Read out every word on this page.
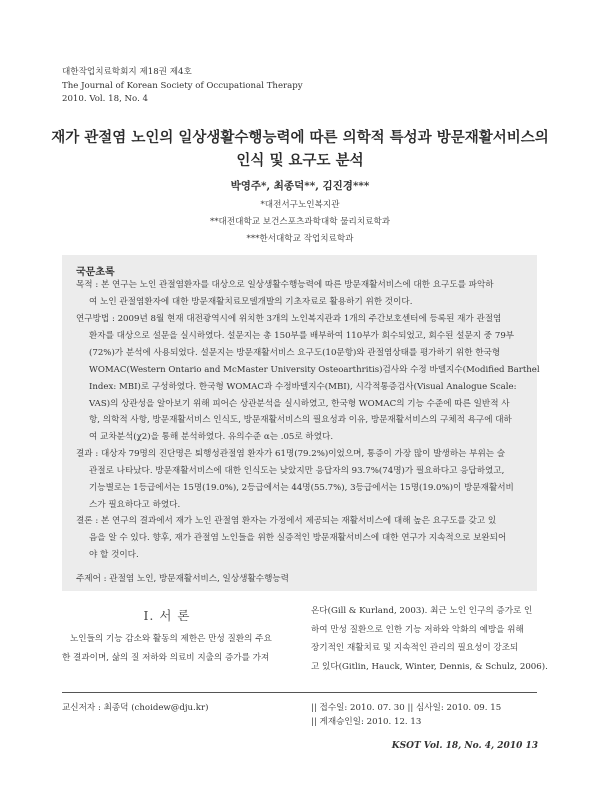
대한작업치료학회지 제18권 제4호
The Journal of Korean Society of Occupational Therapy
2010. Vol. 18, No. 4
재가 관절염 노인의 일상생활수행능력에 따른 의학적 특성과 방문재활서비스의
인식 및 요구도 분석
박영주*, 최종덕**, 김진경***
*대전서구노인복지관
**대전대학교 보건스포츠과학대학 물리치료학과
***한서대학교 작업치료학과
국문초록
목적 : 본 연구는 노인 관절염환자를 대상으로 일상생활수행능력에 따른 방문재활서비스에 대한 요구도를 파악하
여 노인 관절염환자에 대한 방문재활치료모델개발의 기초자료로 활용하기 위한 것이다.
연구방법 : 2009년 8월 현재 대전광역시에 위치한 3개의 노인복지관과 1개의 주간보호센터에 등록된 재가 관절염
환자를 대상으로 설문을 실시하였다. 설문지는 총 150부를 배부하여 110부가 회수되었고, 회수된 설문지 중 79부
(72%)가 분석에 사용되었다. 설문지는 방문재활서비스 요구도(10문항)와 관절염상태를 평가하기 위한 한국형
WOMAC(Western Ontario and McMaster University Osteoarthritis)검사와 수정 바델지수(Modified Barthel
Index: MBI)로 구성하였다. 한국형 WOMAC과 수정바델지수(MBI), 시각적통증검사(Visual Analogue Scale:
VAS)의 상관성을 알아보기 위해 피어슨 상관분석을 실시하였고, 한국형 WOMAC의 기능 수준에 따른 일반적 사
항, 의학적 사항, 방문재활서비스 인식도, 방문재활서비스의 필요성과 이유, 방문재활서비스의 구체적 욕구에 대하
여 교차분석(χ2)을 통해 분석하였다. 유의수준 α는 .05로 하였다.
결과 : 대상자 79명의 진단명은 퇴행성관절염 환자가 61명(79.2%)이었으며, 통증이 가장 많이 발생하는 부위는 슬
관절로 나타났다. 방문재활서비스에 대한 인식도는 낮았지만 응답자의 93.7%(74명)가 필요하다고 응답하였고,
기능별로는 1등급에서는 15명(19.0%), 2등급에서는 44명(55.7%), 3등급에서는 15명(19.0%)이 방문재활서비
스가 필요하다고 하였다.
결론 : 본 연구의 결과에서 재가 노인 관절염 환자는 가정에서 제공되는 재활서비스에 대해 높은 요구도를 갖고 있
음을 알 수 있다. 향후, 재가 관절염 노인들을 위한 실증적인 방문재활서비스에 대한 연구가 지속적으로 보완되어
야 할 것이다.
주제어 : 관절염 노인, 방문재활서비스, 일상생활수행능력
Ⅰ. 서 론
노인들의 기능 감소와 활동의 제한은 만성 질환의 주요
한 결과이며, 삶의 질 저하와 의료비 지출의 증가를 가져
온다(Gill & Kurland, 2003). 최근 노인 인구의 증가로 인
하여 만성 질환으로 인한 기능 저하와 악화의 예방을 위해
장기적인 재활치료 및 지속적인 관리의 필요성이 강조되
고 있다(Gitlin, Hauck, Winter, Dennis, & Schulz, 2006).
교신저자 : 최종덕 (choidew@dju.kr)	|| 접수일: 2010. 07. 30 || 심사일: 2010. 09. 15
|| 게재승인일: 2010. 12. 13
KSOT Vol. 18, No. 4, 2010 13
